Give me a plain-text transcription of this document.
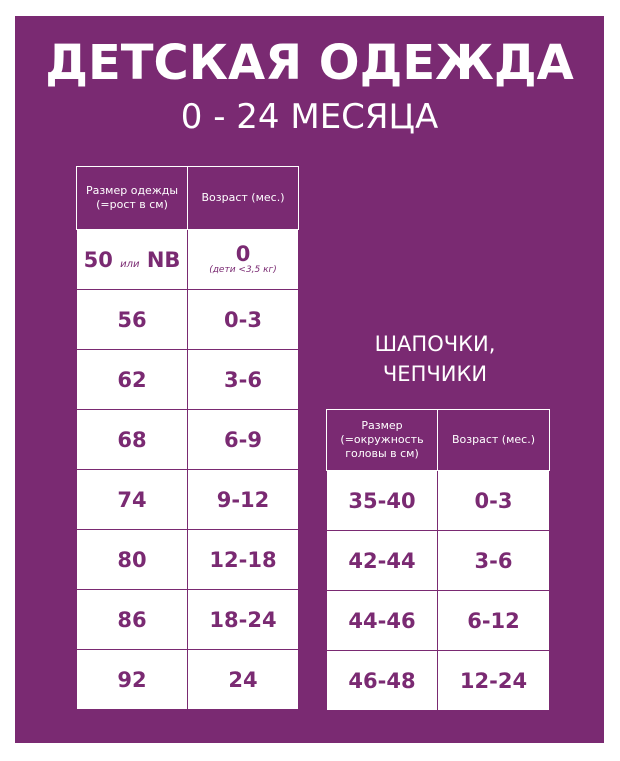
ДЕТСКАЯ ОДЕЖДА
0 - 24 МЕСЯЦА
Размер одежды (=рост в см)	Возраст (мес.)
50 или NB	0
(дети <3,5 кг)

56	0-3
62	3-6
68	6-9
74	9-12
80	12-18
86	18-24
92	24
ШАПОЧКИ,
ЧЕПЧИКИ
Размер (=окружность головы в см)	Возраст (мес.)
35-40	0-3
42-44	3-6
44-46	6-12
46-48	12-24
